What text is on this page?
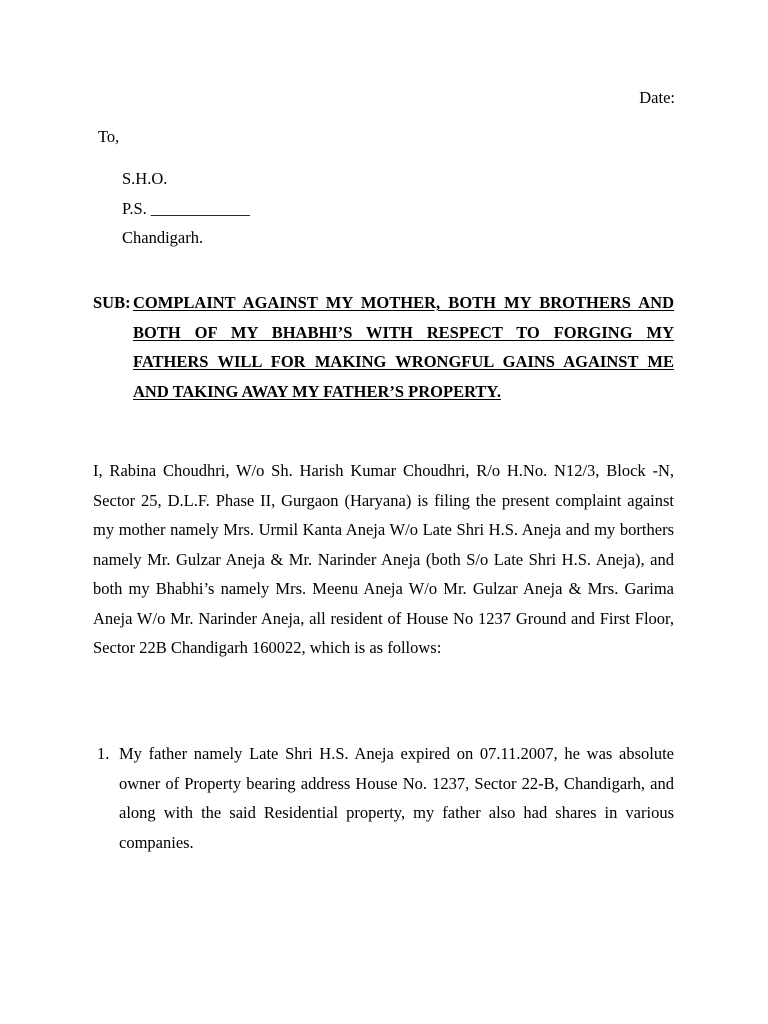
Date:
To,
S.H.O.
P.S. ____________
Chandigarh.
SUB: COMPLAINT AGAINST MY MOTHER, BOTH MY BROTHERS AND BOTH OF MY BHABHI’S WITH RESPECT TO FORGING MY FATHERS WILL FOR MAKING WRONGFUL GAINS AGAINST ME AND TAKING AWAY MY FATHER’S PROPERTY.
I, Rabina Choudhri, W/o Sh. Harish Kumar Choudhri, R/o H.No. N12/3, Block -N, Sector 25, D.L.F. Phase II, Gurgaon (Haryana) is filing the present complaint against my mother namely Mrs. Urmil Kanta Aneja W/o Late Shri H.S. Aneja and my borthers namely Mr. Gulzar Aneja & Mr. Narinder Aneja (both S/o Late Shri H.S. Aneja), and both my Bhabhi’s namely Mrs. Meenu Aneja W/o Mr. Gulzar Aneja & Mrs. Garima Aneja W/o Mr. Narinder Aneja, all resident of House No 1237 Ground and First Floor, Sector 22B Chandigarh 160022, which is as follows:
1. My father namely Late Shri H.S. Aneja expired on 07.11.2007, he was absolute owner of Property bearing address House No. 1237, Sector 22-B, Chandigarh, and along with the said Residential property, my father also had shares in various companies.
